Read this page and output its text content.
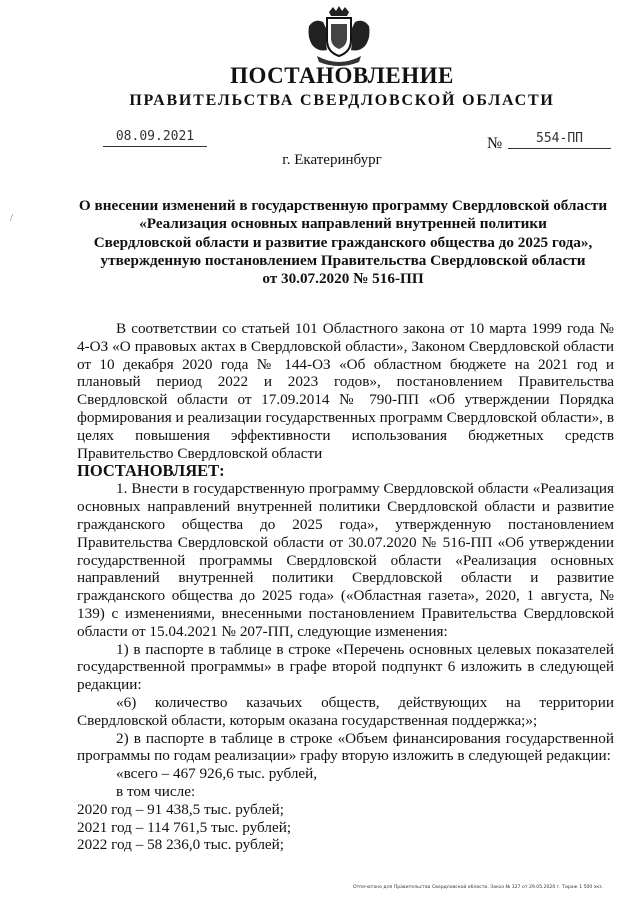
ПОСТАНОВЛЕНИЕ
ПРАВИТЕЛЬСТВА СВЕРДЛОВСКОЙ ОБЛАСТИ
08.09.2021	№	554-ПП
г. Екатеринбург
/
О внесении изменений в государственную программу Свердловской области
«Реализация основных направлений внутренней политики
Свердловской области и развитие гражданского общества до 2025 года»,
утвержденную постановлением Правительства Свердловской области
от 30.07.2020 № 516-ПП

В соответствии со статьей 101 Областного закона от 10 марта 1999 года № 4-ОЗ «О правовых актах в Свердловской области», Законом Свердловской области от 10 декабря 2020 года № 144-ОЗ «Об областном бюджете на 2021 год и плановый период 2022 и 2023 годов», постановлением Правительства Свердловской области от 17.09.2014 № 790-ПП «Об утверждении Порядка формирования и реализации государственных программ Свердловской области», в целях повышения эффективности использования бюджетных средств Правительство Свердловской области

ПОСТАНОВЛЯЕТ:

1. Внести в государственную программу Свердловской области «Реализация основных направлений внутренней политики Свердловской области и развитие гражданского общества до 2025 года», утвержденную постановлением Правительства Свердловской области от 30.07.2020 № 516-ПП «Об утверждении государственной программы Свердловской области «Реализация основных направлений внутренней политики Свердловской области и развитие гражданского общества до 2025 года» («Областная газета», 2020, 1 августа, № 139) с изменениями, внесенными постановлением Правительства Свердловской области от 15.04.2021 № 207-ПП, следующие изменения:

1) в паспорте в таблице в строке «Перечень основных целевых показателей государственной программы» в графе второй подпункт 6 изложить в следующей редакции:

«6) количество казачьих обществ, действующих на территории Свердловской области, которым оказана государственная поддержка;»;

2) в паспорте в таблице в строке «Объем финансирования государственной программы по годам реализации» графу вторую изложить в следующей редакции:

«всего – 467 926,6 тыс. рублей,

в том числе:

2020 год – 91 438,5 тыс. рублей;

2021 год – 114 761,5 тыс. рублей;

2022 год – 58 236,0 тыс. рублей;

Отпечатано для Правительства Свердловской области. Заказ № 127 от 29.05.2020 г. Тираж 1 500 экз.
